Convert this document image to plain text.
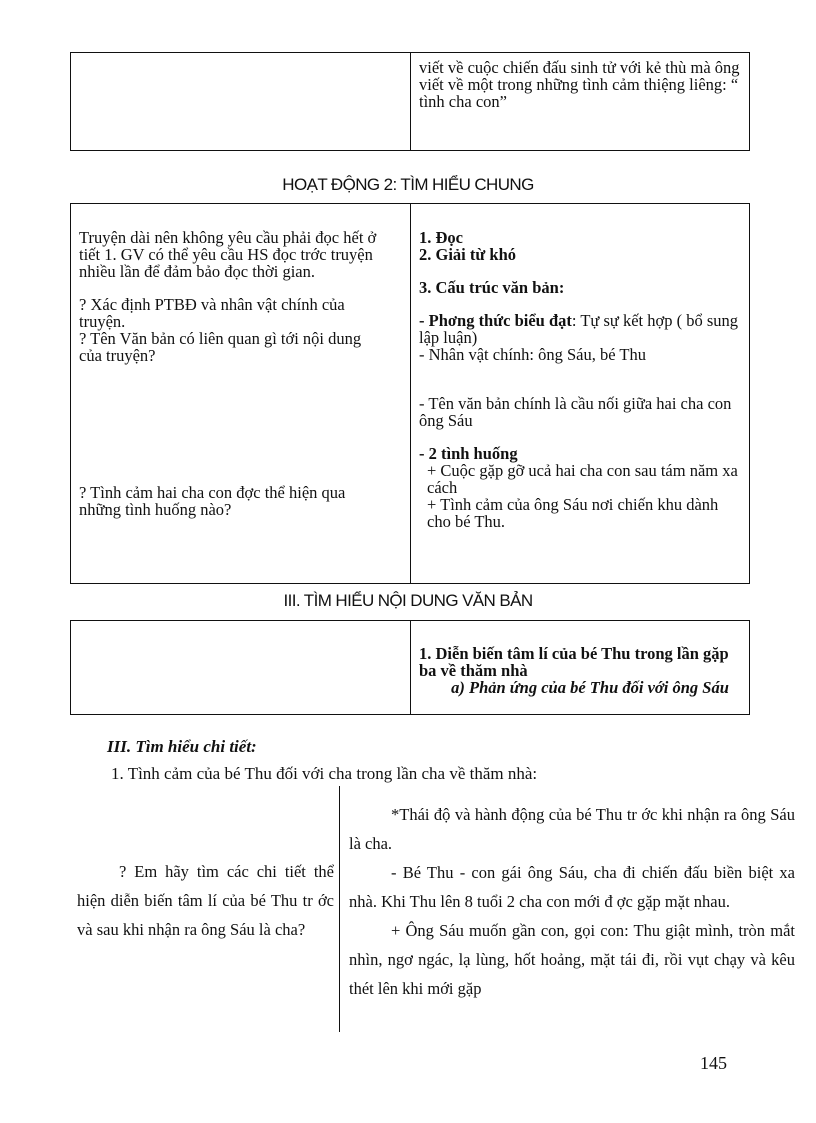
viết về cuộc chiến đấu sinh tử với kẻ thù mà ông viết về một trong những tình cảm thiệng liêng: “ tình cha con”

HOẠT ĐỘNG 2: TÌM HIỂU CHUNG

Truyện dài nên không yêu cầu phải đọc hết ở tiết 1. GV có thể yêu cầu HS đọc trớc truyện nhiều lần để đảm bảo đọc thời gian.

? Xác định PTBĐ và nhân vật chính của truyện.

? Tên Văn bản có liên quan gì tới nội dung của truyện?

? Tình cảm hai cha con đợc thể hiện qua những tình huống nào?

1. Đọc

2. Giải từ khó

3. Cấu trúc văn bản:

- Phơng thức biểu đạt: Tự sự kết hợp ( bổ sung lập luận)

- Nhân vật chính: ông Sáu, bé Thu

- Tên văn bản chính là cầu nối giữa hai cha con ông Sáu

- 2 tình huống

+ Cuộc gặp gỡ ucả hai cha con sau tám năm xa cách

+ Tình cảm của ông Sáu nơi chiến khu dành cho bé Thu.

III. TÌM HIỂU NỘI DUNG VĂN BẢN

1. Diễn biến tâm lí của bé Thu trong lần gặp ba về thăm nhà

a) Phản ứng của bé Thu đối với ông Sáu

III. Tìm hiểu chi tiết:
1. Tình cảm của bé Thu đối với cha trong lần cha về thăm nhà:

? Em hãy tìm các chi tiết thể hiện diễn biến tâm lí của bé Thu tr ớc và sau khi nhận ra ông Sáu là cha?

*Thái độ và hành động của bé Thu tr ớc khi nhận ra ông Sáu là cha.

- Bé Thu - con gái ông Sáu, cha đi chiến đấu biền biệt xa nhà. Khi Thu lên 8 tuổi 2 cha con mới đ ợc gặp mặt nhau.

+ Ông Sáu muốn gần con, gọi con: Thu giật mình, tròn mắt nhìn, ngơ ngác, lạ lùng, hốt hoảng, mặt tái đi, rồi vụt chạy và kêu thét lên khi mới gặp

145
